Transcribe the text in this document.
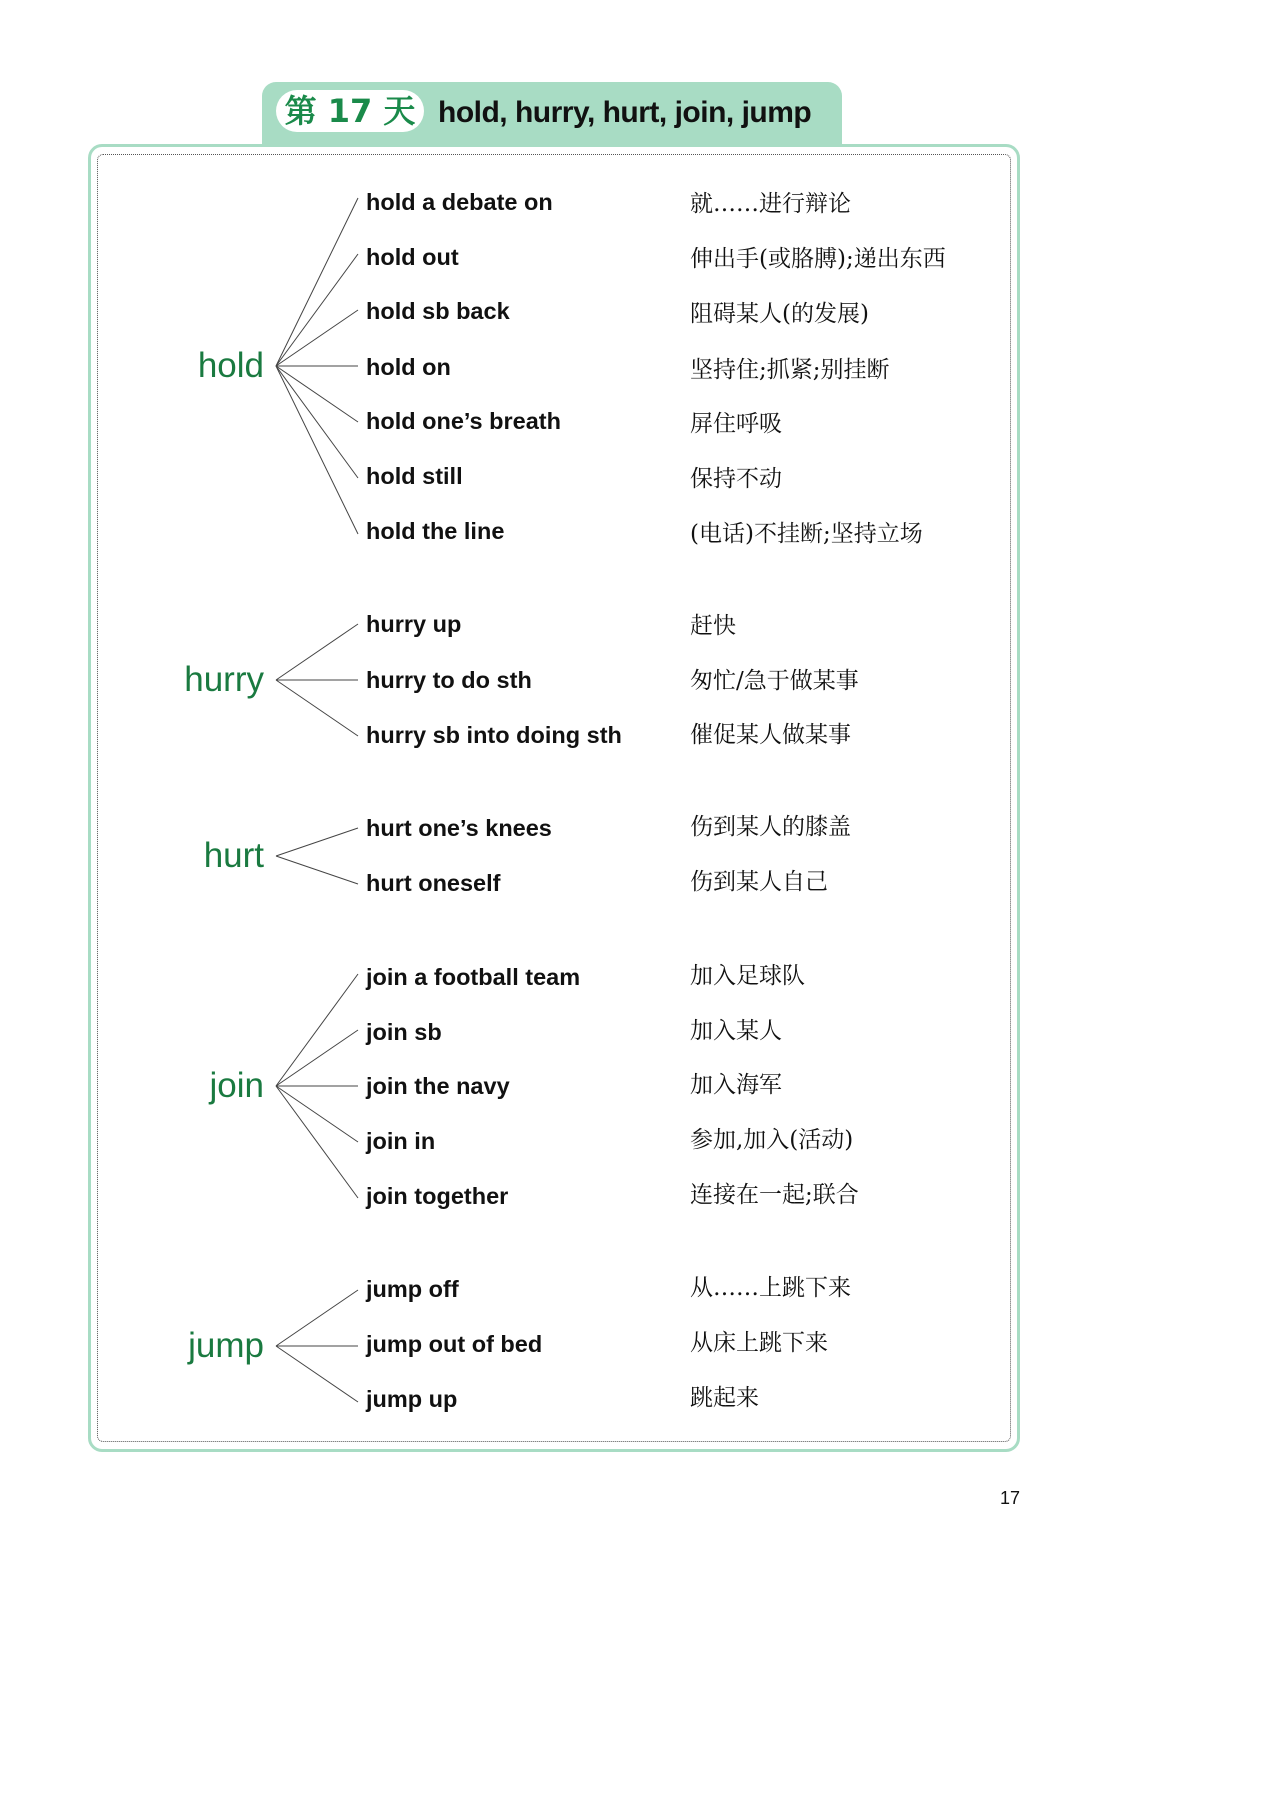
第 17 天 hold, hurry, hurt, join, jump
hold
hold a debate on	就……进行辩论
hold out	伸出手(或胳膊);递出东西
hold sb back	阻碍某人(的发展)
hold on	坚持住;抓紧;别挂断
hold one’s breath	屏住呼吸
hold still	保持不动
hold the line	(电话)不挂断;坚持立场
hurry
hurry up	赶快
hurry to do sth	匆忙/急于做某事
hurry sb into doing sth	催促某人做某事
hurt
hurt one’s knees	伤到某人的膝盖
hurt oneself	伤到某人自己
join
join a football team	加入足球队
join sb	加入某人
join the navy	加入海军
join in	参加,加入(活动)
join together	连接在一起;联合
jump
jump off	从……上跳下来
jump out of bed	从床上跳下来
jump up	跳起来
17
